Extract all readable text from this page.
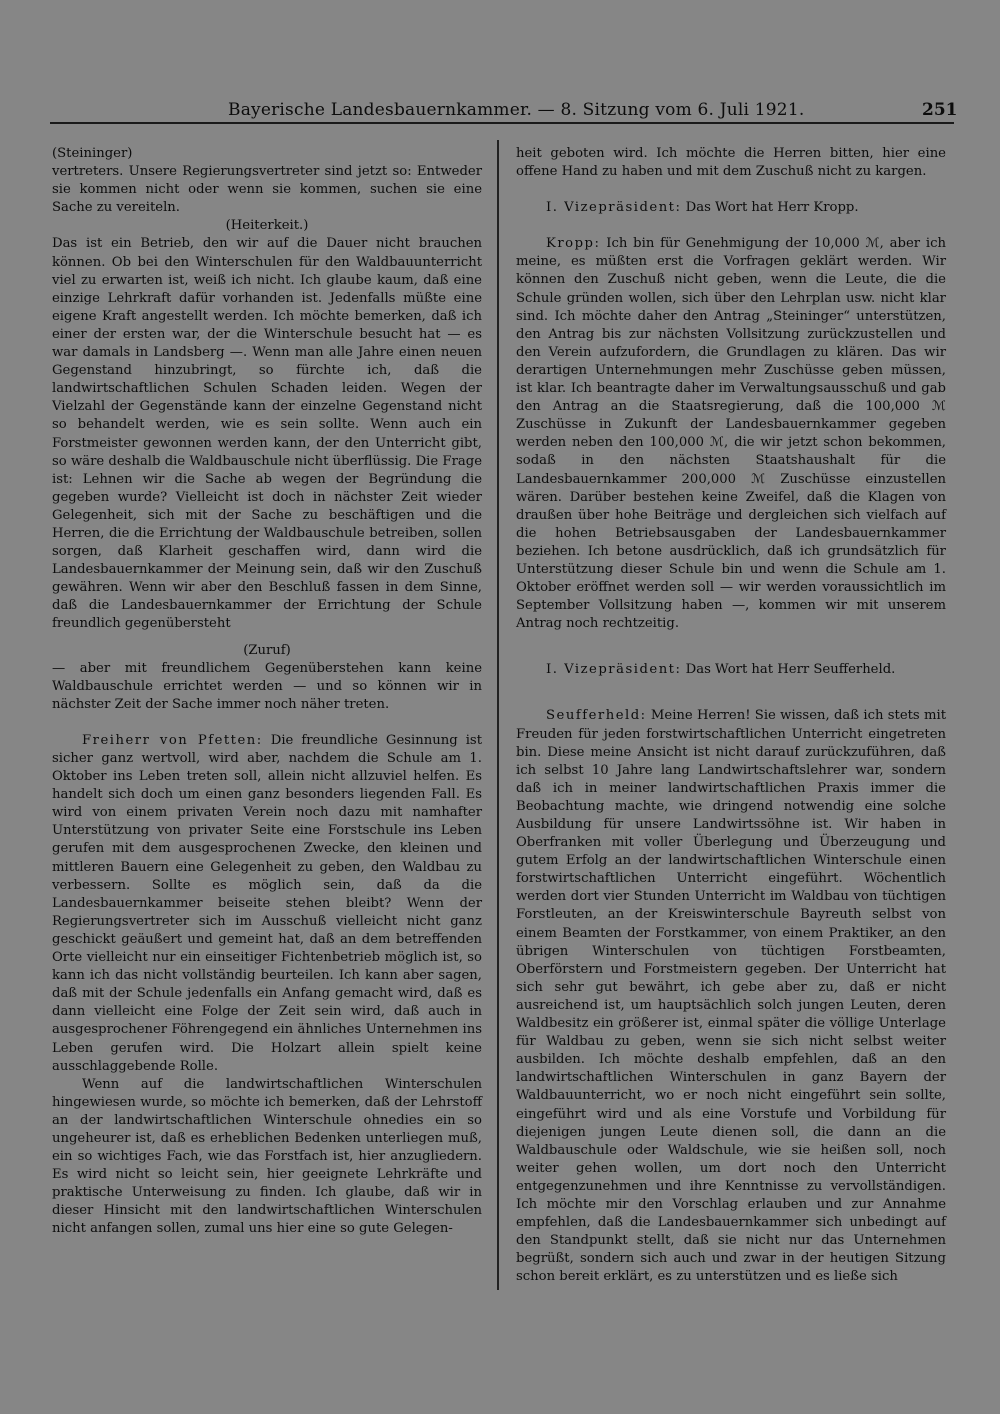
Bayerische Landesbauernkammer. — 8. Sitzung vom 6. Juli 1921.	251

(Steininger)

vertreters. Unsere Regierungsvertreter sind jetzt so: Entweder sie kommen nicht oder wenn sie kommen, suchen sie eine Sache zu vereiteln.

(Heiterkeit.)

Das ist ein Betrieb, den wir auf die Dauer nicht brauchen können. Ob bei den Winterschulen für den Waldbauunterricht viel zu erwarten ist, weiß ich nicht. Ich glaube kaum, daß eine einzige Lehrkraft dafür vorhanden ist. Jedenfalls müßte eine eigene Kraft angestellt werden. Ich möchte bemerken, daß ich einer der ersten war, der die Winterschule besucht hat — es war damals in Landsberg —. Wenn man alle Jahre einen neuen Gegenstand hinzubringt, so fürchte ich, daß die landwirtschaftlichen Schulen Schaden leiden. Wegen der Vielzahl der Gegenstände kann der einzelne Gegenstand nicht so behandelt werden, wie es sein sollte. Wenn auch ein Forstmeister gewonnen werden kann, der den Unterricht gibt, so wäre deshalb die Waldbauschule nicht überflüssig. Die Frage ist: Lehnen wir die Sache ab wegen der Begründung die gegeben wurde? Vielleicht ist doch in nächster Zeit wieder Gelegenheit, sich mit der Sache zu beschäftigen und die Herren, die die Errichtung der Waldbauschule betreiben, sollen sorgen, daß Klarheit geschaffen wird, dann wird die Landesbauernkammer der Meinung sein, daß wir den Zuschuß gewähren. Wenn wir aber den Beschluß fassen in dem Sinne, daß die Landesbauernkammer der Errichtung der Schule freundlich gegenübersteht

(Zuruf)

— aber mit freundlichem Gegenüberstehen kann keine Waldbauschule errichtet werden — und so können wir in nächster Zeit der Sache immer noch näher treten.

Freiherr von Pfetten: Die freundliche Gesinnung ist sicher ganz wertvoll, wird aber, nachdem die Schule am 1. Oktober ins Leben treten soll, allein nicht allzuviel helfen. Es handelt sich doch um einen ganz besonders liegenden Fall. Es wird von einem privaten Verein noch dazu mit namhafter Unterstützung von privater Seite eine Forstschule ins Leben gerufen mit dem ausgesprochenen Zwecke, den kleinen und mittleren Bauern eine Gelegenheit zu geben, den Waldbau zu verbessern. Sollte es möglich sein, daß da die Landesbauernkammer beiseite stehen bleibt? Wenn der Regierungsvertreter sich im Ausschuß vielleicht nicht ganz geschickt geäußert und gemeint hat, daß an dem betreffenden Orte vielleicht nur ein einseitiger Fichtenbetrieb möglich ist, so kann ich das nicht vollständig beurteilen. Ich kann aber sagen, daß mit der Schule jedenfalls ein Anfang gemacht wird, daß es dann vielleicht eine Folge der Zeit sein wird, daß auch in ausgesprochener Föhrengegend ein ähnliches Unternehmen ins Leben gerufen wird. Die Holzart allein spielt keine ausschlaggebende Rolle.

Wenn auf die landwirtschaftlichen Winterschulen hingewiesen wurde, so möchte ich bemerken, daß der Lehrstoff an der landwirtschaftlichen Winterschule ohnedies ein so ungeheurer ist, daß es erheblichen Bedenken unterliegen muß, ein so wichtiges Fach, wie das Forstfach ist, hier anzugliedern. Es wird nicht so leicht sein, hier geeignete Lehrkräfte und praktische Unterweisung zu finden. Ich glaube, daß wir in dieser Hinsicht mit den landwirtschaftlichen Winterschulen nicht anfangen sollen, zumal uns hier eine so gute Gelegen-

heit geboten wird. Ich möchte die Herren bitten, hier eine offene Hand zu haben und mit dem Zuschuß nicht zu kargen.

I. Vizepräsident: Das Wort hat Herr Kropp.

Kropp: Ich bin für Genehmigung der 10,000 ℳ, aber ich meine, es müßten erst die Vorfragen geklärt werden. Wir können den Zuschuß nicht geben, wenn die Leute, die die Schule gründen wollen, sich über den Lehrplan usw. nicht klar sind. Ich möchte daher den Antrag „Steininger“ unterstützen, den Antrag bis zur nächsten Vollsitzung zurückzustellen und den Verein aufzufordern, die Grundlagen zu klären. Das wir derartigen Unternehmungen mehr Zuschüsse geben müssen, ist klar. Ich beantragte daher im Verwaltungsausschuß und gab den Antrag an die Staatsregierung, daß die 100,000 ℳ Zuschüsse in Zukunft der Landesbauernkammer gegeben werden neben den 100,000 ℳ, die wir jetzt schon bekommen, sodaß in den nächsten Staatshaushalt für die Landesbauernkammer 200,000 ℳ Zuschüsse einzustellen wären. Darüber bestehen keine Zweifel, daß die Klagen von draußen über hohe Beiträge und dergleichen sich vielfach auf die hohen Betriebsausgaben der Landesbauernkammer beziehen. Ich betone ausdrücklich, daß ich grundsätzlich für Unterstützung dieser Schule bin und wenn die Schule am 1. Oktober eröffnet werden soll — wir werden voraussichtlich im September Vollsitzung haben —, kommen wir mit unserem Antrag noch rechtzeitig.

I. Vizepräsident: Das Wort hat Herr Seufferheld.

Seufferheld: Meine Herren! Sie wissen, daß ich stets mit Freuden für jeden forstwirtschaftlichen Unterricht eingetreten bin. Diese meine Ansicht ist nicht darauf zurückzuführen, daß ich selbst 10 Jahre lang Landwirtschaftslehrer war, sondern daß ich in meiner landwirtschaftlichen Praxis immer die Beobachtung machte, wie dringend notwendig eine solche Ausbildung für unsere Landwirtssöhne ist. Wir haben in Oberfranken mit voller Überlegung und Überzeugung und gutem Erfolg an der landwirtschaftlichen Winterschule einen forstwirtschaftlichen Unterricht eingeführt. Wöchentlich werden dort vier Stunden Unterricht im Waldbau von tüchtigen Forstleuten, an der Kreiswinterschule Bayreuth selbst von einem Beamten der Forstkammer, von einem Praktiker, an den übrigen Winterschulen von tüchtigen Forstbeamten, Oberförstern und Forstmeistern gegeben. Der Unterricht hat sich sehr gut bewährt, ich gebe aber zu, daß er nicht ausreichend ist, um hauptsächlich solch jungen Leuten, deren Waldbesitz ein größerer ist, einmal später die völlige Unterlage für Waldbau zu geben, wenn sie sich nicht selbst weiter ausbilden. Ich möchte deshalb empfehlen, daß an den landwirtschaftlichen Winterschulen in ganz Bayern der Waldbauunterricht, wo er noch nicht eingeführt sein sollte, eingeführt wird und als eine Vorstufe und Vorbildung für diejenigen jungen Leute dienen soll, die dann an die Waldbauschule oder Waldschule, wie sie heißen soll, noch weiter gehen wollen, um dort noch den Unterricht entgegenzunehmen und ihre Kenntnisse zu vervollständigen. Ich möchte mir den Vorschlag erlauben und zur Annahme empfehlen, daß die Landesbauernkammer sich unbedingt auf den Standpunkt stellt, daß sie nicht nur das Unternehmen begrüßt, sondern sich auch und zwar in der heutigen Sitzung schon bereit erklärt, es zu unterstützen und es ließe sich
